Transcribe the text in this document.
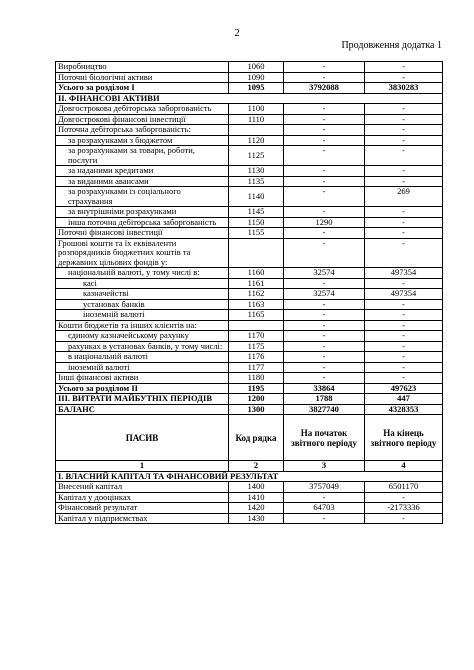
2
Продовження додатка 1
Виробництво	1060	-	-
Поточні біологічні активи	1090	-	-
Усього за розділом I	1095	3792088	3830283
II. ФІНАНСОВІ АКТИВИ			
Довгострокова дебіторська заборгованість	1100	-	-
Довгострокові фінансові інвестиції	1110	-	-
Поточна дебіторська заборгованість:		-	-
за розрахунками з бюджетом	1120	-	-
за розрахунками за товари, роботи, послуги	1125	-	-
за наданими кредитами	1130	-	-
за виданими авансами	1135	-	-
за розрахунками із соціального страхування	1140	-	269
за внутрішніми розрахунками	1145	-	-
інша поточна дебіторська заборгованість	1150	1290	-
Поточні фінансові інвестиції	1155	-	-
Грошові кошти та їх еквіваленти розпорядників бюджетних коштів та державних цільових фондів у:		-	-
національній валюті, у тому числі в:	1160	32574	497354
касі	1161	-	-
казначействі	1162	32574	497354
установах банків	1163	-	-
іноземній валюті	1165	-	-
Кошти бюджетів та інших клієнтів на:		-	-
єдиному казначейському рахунку	1170	-	-
рахунках в установах банків, у тому числі:	1175	-	-
в національній валюті	1176	-	-
іноземній валюті	1177	-	-
Інші фінансові активи	1180	-	-
Усього за розділом II	1195	33864	497623
III. ВИТРАТИ МАЙБУТНІХ ПЕРІОДІВ	1200	1788	447
БАЛАНС	1300	3827740	4328353
ПАСИВ	Код рядка	На початок звітного періоду	На кінець звітного періоду
1	2	3	4
I. ВЛАСНИЙ КАПІТАЛ ТА ФІНАНСОВИЙ РЕЗУЛЬТАТ			
Внесений капітал	1400	3757049	6501170
Капітал у дооцінках	1410	-	-
Фінансовий результат	1420	64703	-2173336
Капітал у підприємствах	1430	-	-
